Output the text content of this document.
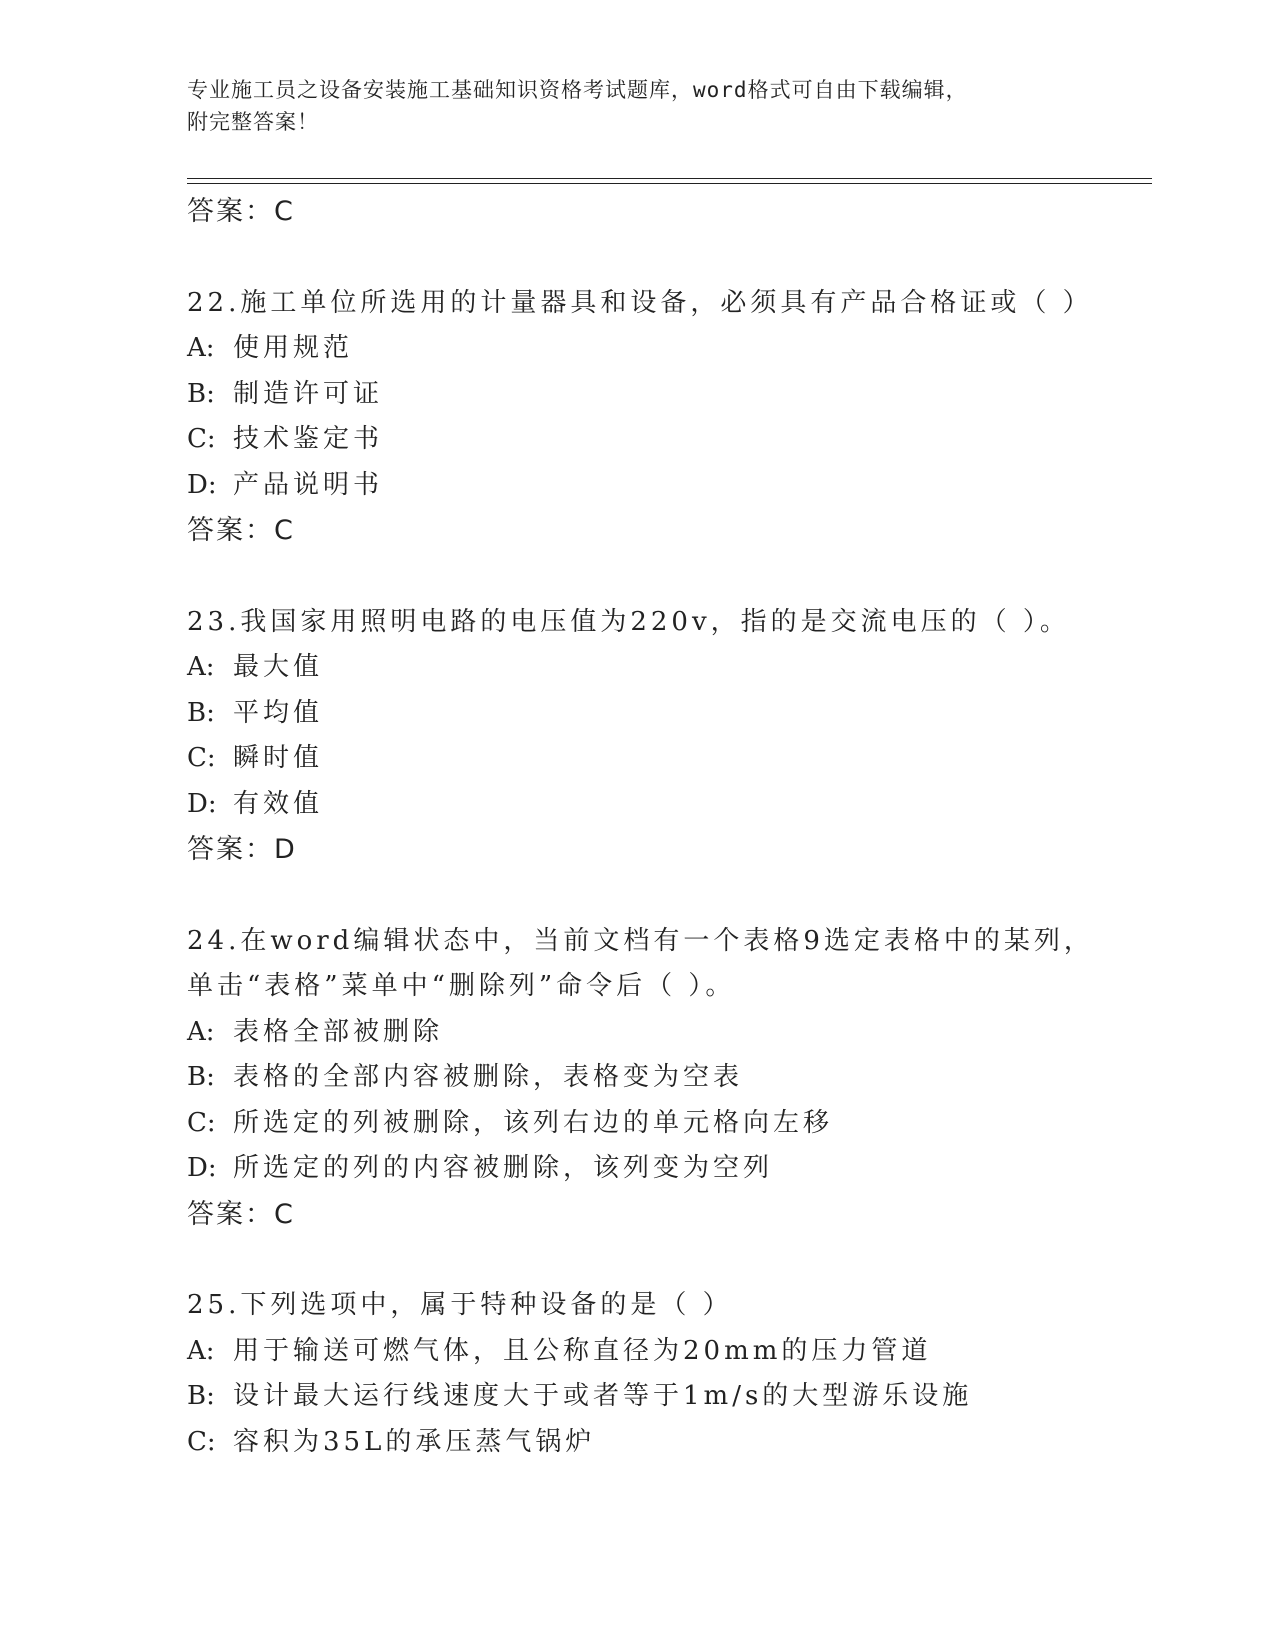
专业施工员之设备安装施工基础知识资格考试题库，word格式可自由下载编辑，
附完整答案！
答案：C
22.施工单位所选用的计量器具和设备，必须具有产品合格证或（ ）
A: 使用规范
B: 制造许可证
C: 技术鉴定书
D: 产品说明书
答案：C
23.我国家用照明电路的电压值为220v，指的是交流电压的（ ）。
A: 最大值
B: 平均值
C: 瞬时值
D: 有效值
答案：D
24.在word编辑状态中，当前文档有一个表格9选定表格中的某列，
单击“表格”菜单中“删除列”命令后（ ）。
A: 表格全部被删除
B: 表格的全部内容被删除，表格变为空表
C: 所选定的列被删除，该列右边的单元格向左移
D: 所选定的列的内容被删除，该列变为空列
答案：C
25.下列选项中，属于特种设备的是（ ）
A: 用于输送可燃气体，且公称直径为20mm的压力管道
B: 设计最大运行线速度大于或者等于1m/s的大型游乐设施
C: 容积为35L的承压蒸气锅炉
